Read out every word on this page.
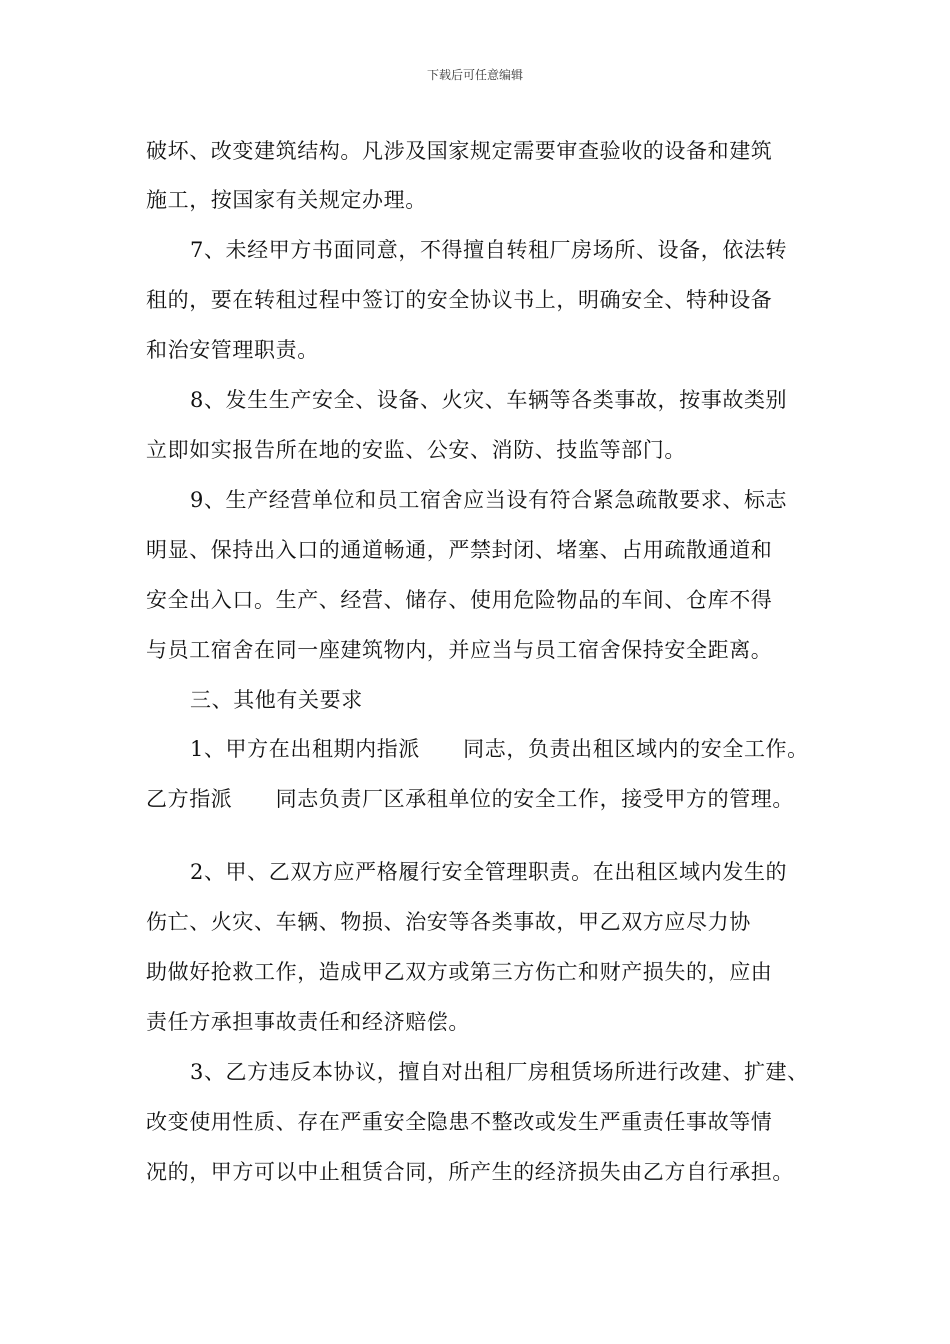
下载后可任意编辑
破坏、改变建筑结构。凡涉及国家规定需要审查验收的设备和建筑
施工，按国家有关规定办理。
7、未经甲方书面同意，不得擅自转租厂房场所、设备，依法转
租的，要在转租过程中签订的安全协议书上，明确安全、特种设备
和治安管理职责。
8、发生生产安全、设备、火灾、车辆等各类事故，按事故类别
立即如实报告所在地的安监、公安、消防、技监等部门。
9、生产经营单位和员工宿舍应当设有符合紧急疏散要求、标志
明显、保持出入口的通道畅通，严禁封闭、堵塞、占用疏散通道和
安全出入口。生产、经营、储存、使用危险物品的车间、仓库不得
与员工宿舍在同一座建筑物内，并应当与员工宿舍保持安全距离。
三、其他有关要求
1、甲方在出租期内指派　　同志，负责出租区域内的安全工作。
乙方指派　　同志负责厂区承租单位的安全工作，接受甲方的管理。
2、甲、乙双方应严格履行安全管理职责。在出租区域内发生的
伤亡、火灾、车辆、物损、治安等各类事故，甲乙双方应尽力协
助做好抢救工作，造成甲乙双方或第三方伤亡和财产损失的，应由
责任方承担事故责任和经济赔偿。
3、乙方违反本协议，擅自对出租厂房租赁场所进行改建、扩建、
改变使用性质、存在严重安全隐患不整改或发生严重责任事故等情
况的，甲方可以中止租赁合同，所产生的经济损失由乙方自行承担。
